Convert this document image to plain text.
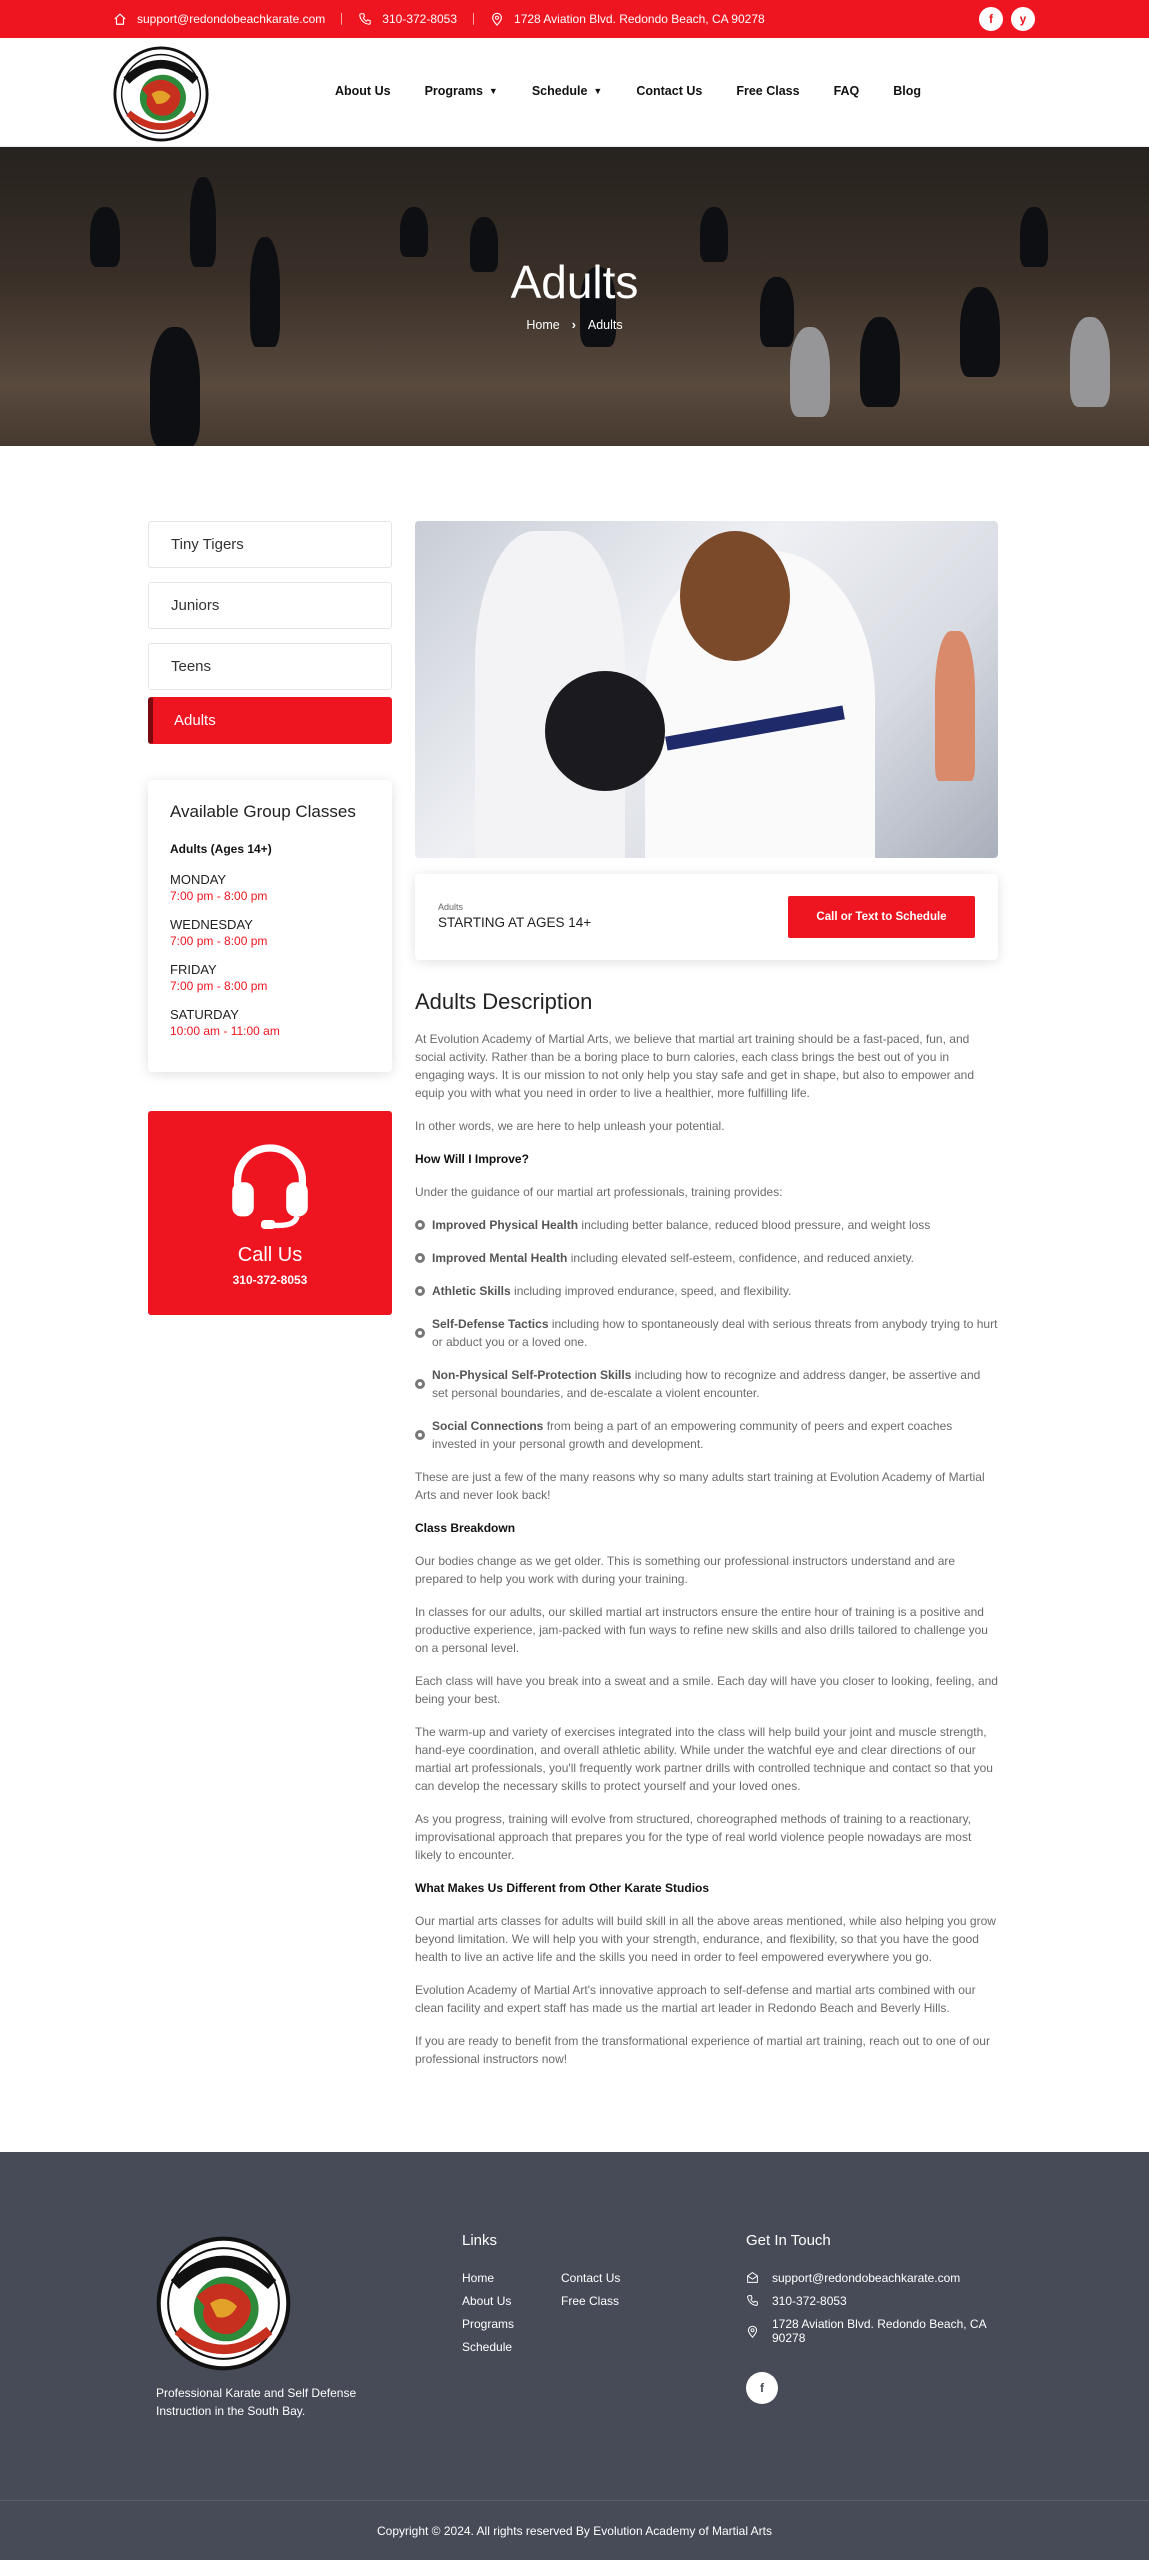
support@redondobeachkarate.com	310-372-8053	1728 Aviation Blvd. Redondo Beach, CA 90278	f	y
About Us	Programs ▼	Schedule ▼	Contact Us	Free Class	FAQ	Blog
Adults
Home › Adults
Tiny Tigers
Juniors
Teens
Adults
Available Group Classes
Adults (Ages 14+)
MONDAY
7:00 pm - 8:00 pm
WEDNESDAY
7:00 pm - 8:00 pm
FRIDAY
7:00 pm - 8:00 pm
SATURDAY
10:00 am - 11:00 am
Call Us
310-372-8053
Adults
STARTING AT AGES 14+	Call or Text to Schedule
Adults Description

At Evolution Academy of Martial Arts, we believe that martial art training should be a fast-paced, fun, and social activity. Rather than be a boring place to burn calories, each class brings the best out of you in engaging ways. It is our mission to not only help you stay safe and get in shape, but also to empower and equip you with what you need in order to live a healthier, more fulfilling life.

In other words, we are here to help unleash your potential.

How Will I Improve?

Under the guidance of our martial art professionals, training provides:

Improved Physical Health including better balance, reduced blood pressure, and weight loss
Improved Mental Health including elevated self-esteem, confidence, and reduced anxiety.
Athletic Skills including improved endurance, speed, and flexibility.
Self-Defense Tactics including how to spontaneously deal with serious threats from anybody trying to hurt or abduct you or a loved one.
Non-Physical Self-Protection Skills including how to recognize and address danger, be assertive and set personal boundaries, and de-escalate a violent encounter.
Social Connections from being a part of an empowering community of peers and expert coaches invested in your personal growth and development.

These are just a few of the many reasons why so many adults start training at Evolution Academy of Martial Arts and never look back!

Class Breakdown

Our bodies change as we get older. This is something our professional instructors understand and are prepared to help you work with during your training.

In classes for our adults, our skilled martial art instructors ensure the entire hour of training is a positive and productive experience, jam-packed with fun ways to refine new skills and also drills tailored to challenge you on a personal level.

Each class will have you break into a sweat and a smile. Each day will have you closer to looking, feeling, and being your best.

The warm-up and variety of exercises integrated into the class will help build your joint and muscle strength, hand-eye coordination, and overall athletic ability. While under the watchful eye and clear directions of our martial art professionals, you'll frequently work partner drills with controlled technique and contact so that you can develop the necessary skills to protect yourself and your loved ones.

As you progress, training will evolve from structured, choreographed methods of training to a reactionary, improvisational approach that prepares you for the type of real world violence people nowadays are most likely to encounter.

What Makes Us Different from Other Karate Studios

Our martial arts classes for adults will build skill in all the above areas mentioned, while also helping you grow beyond limitation. We will help you with your strength, endurance, and flexibility, so that you have the good health to live an active life and the skills you need in order to feel empowered everywhere you go.

Evolution Academy of Martial Art's innovative approach to self-defense and martial arts combined with our clean facility and expert staff has made us the martial art leader in Redondo Beach and Beverly Hills.

If you are ready to benefit from the transformational experience of martial art training, reach out to one of our professional instructors now!

Professional Karate and Self Defense Instruction in the South Bay.
Links
Home
About Us
Programs
Schedule
Contact Us
Free Class
Get In Touch
support@redondobeachkarate.com
310-372-8053
1728 Aviation Blvd. Redondo Beach, CA 90278
f
Copyright © 2024. All rights reserved By Evolution Academy of Martial Arts
